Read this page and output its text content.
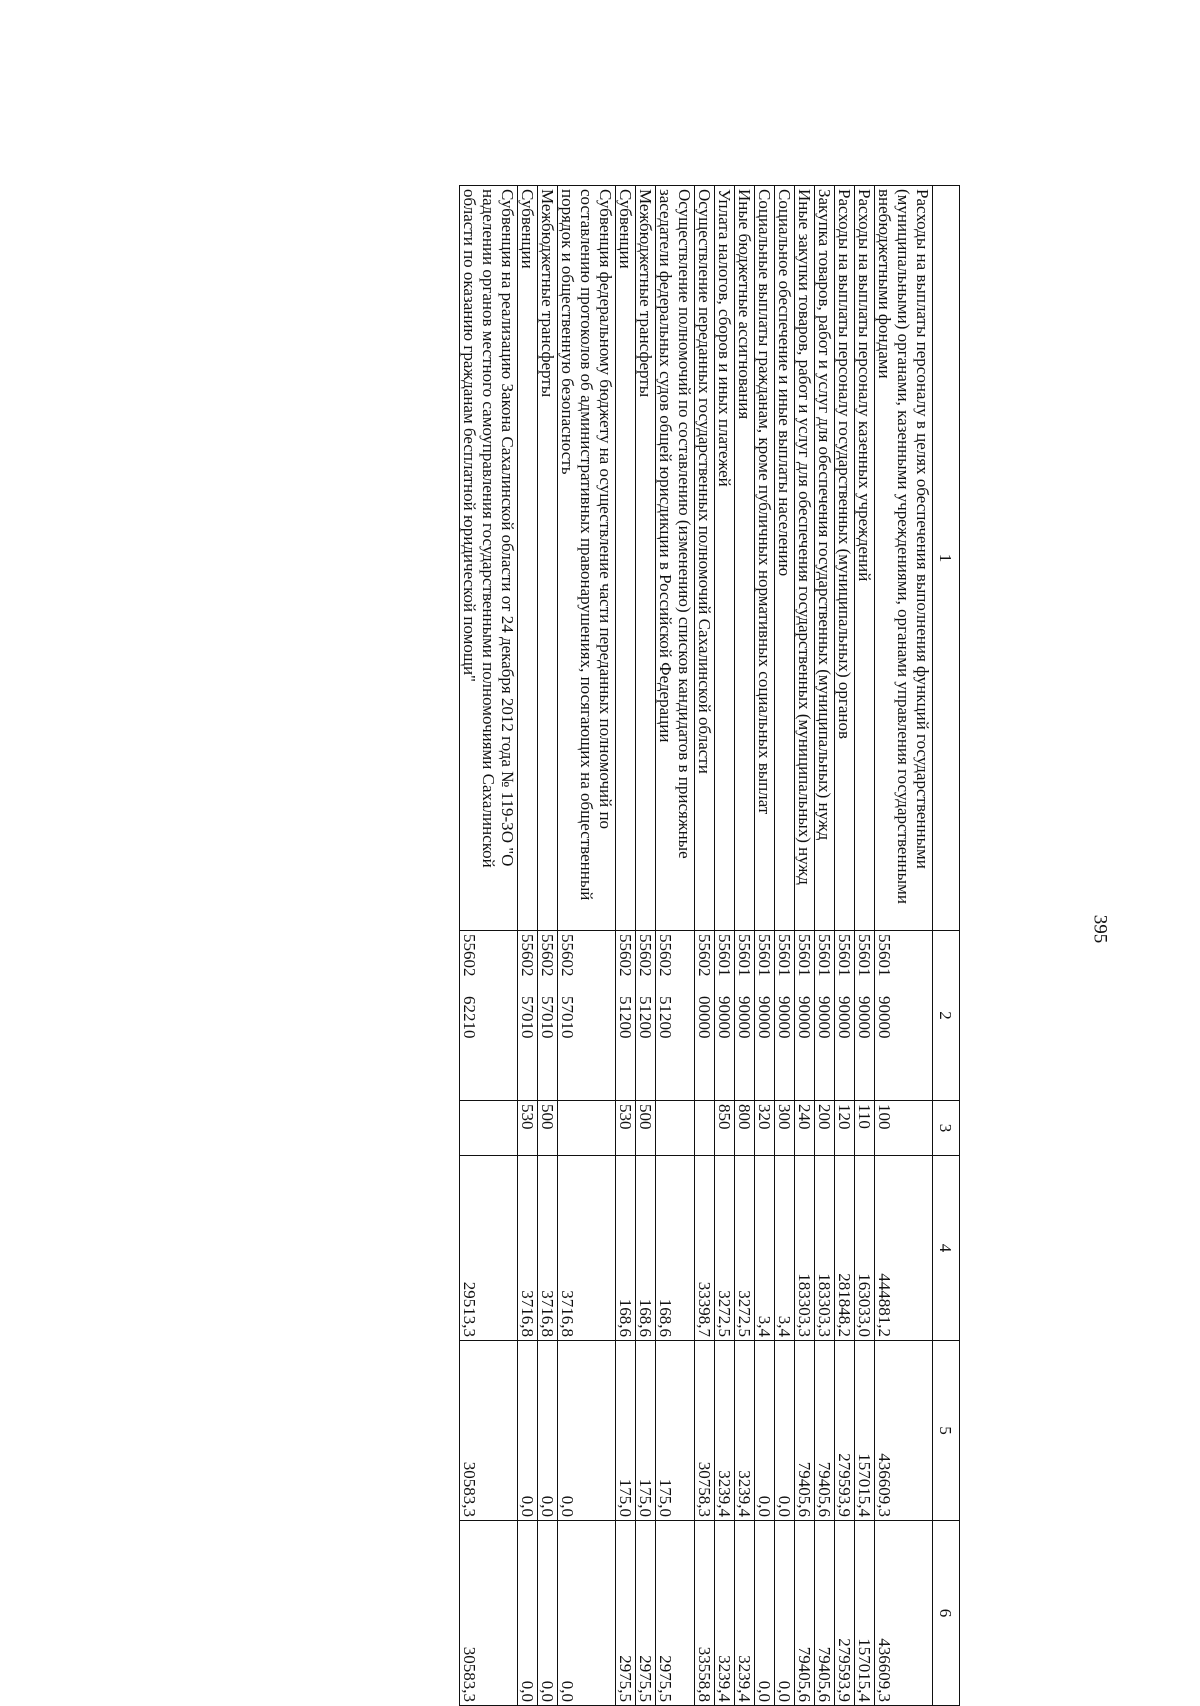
395
1	2	3	4	5	6
Расходы на выплаты персоналу в целях обеспечения выполнения функций государственными (муниципальными) органами, казенными учреждениями, органами управления государственными внебюджетными фондами	5560190000	100	444881,2	436609,3	436609,3
Расходы на выплаты персоналу казенных учреждений	5560190000	110	163033,0	157015,4	157015,4
Расходы на выплаты персоналу государственных (муниципальных) органов	5560190000	120	281848,2	279593,9	279593,9
Закупка товаров, работ и услуг для обеспечения государственных (муниципальных) нужд	5560190000	200	183303,3	79405,6	79405,6
Иные закупки товаров, работ и услуг для обеспечения государственных (муниципальных) нужд	5560190000	240	183303,3	79405,6	79405,6
Социальное обеспечение и иные выплаты населению	5560190000	300	3,4	0,0	0,0
Социальные выплаты гражданам, кроме публичных нормативных социальных выплат	5560190000	320	3,4	0,0	0,0
Иные бюджетные ассигнования	5560190000	800	3272,5	3239,4	3239,4
Уплата налогов, сборов и иных платежей	5560190000	850	3272,5	3239,4	3239,4
Осуществление переданных государственных полномочий Сахалинской области	5560200000		33398,7	30758,3	33558,8
Осуществление полномочий по составлению (изменению) списков кандидатов в присяжные заседатели федеральных судов общей юрисдикции в Российской Федерации	5560251200		168,6	175,0	2975,5
Межбюджетные трансферты	5560251200	500	168,6	175,0	2975,5
Субвенции	5560251200	530	168,6	175,0	2975,5
Субвенция федеральному бюджету на осуществление части переданных полномочий по составлению протоколов об административных правонарушениях, посягающих на общественный порядок и общественную безопасность	5560257010		3716,8	0,0	0,0
Межбюджетные трансферты	5560257010	500	3716,8	0,0	0,0
Субвенции	5560257010	530	3716,8	0,0	0,0
Субвенция на реализацию Закона Сахалинской области от 24 декабря 2012 года № 119-ЗО "О наделении органов местного самоуправления государственными полномочиями Сахалинской области по оказанию гражданам бесплатной юридической помощи"	5560262210		29513,3	30583,3	30583,3
